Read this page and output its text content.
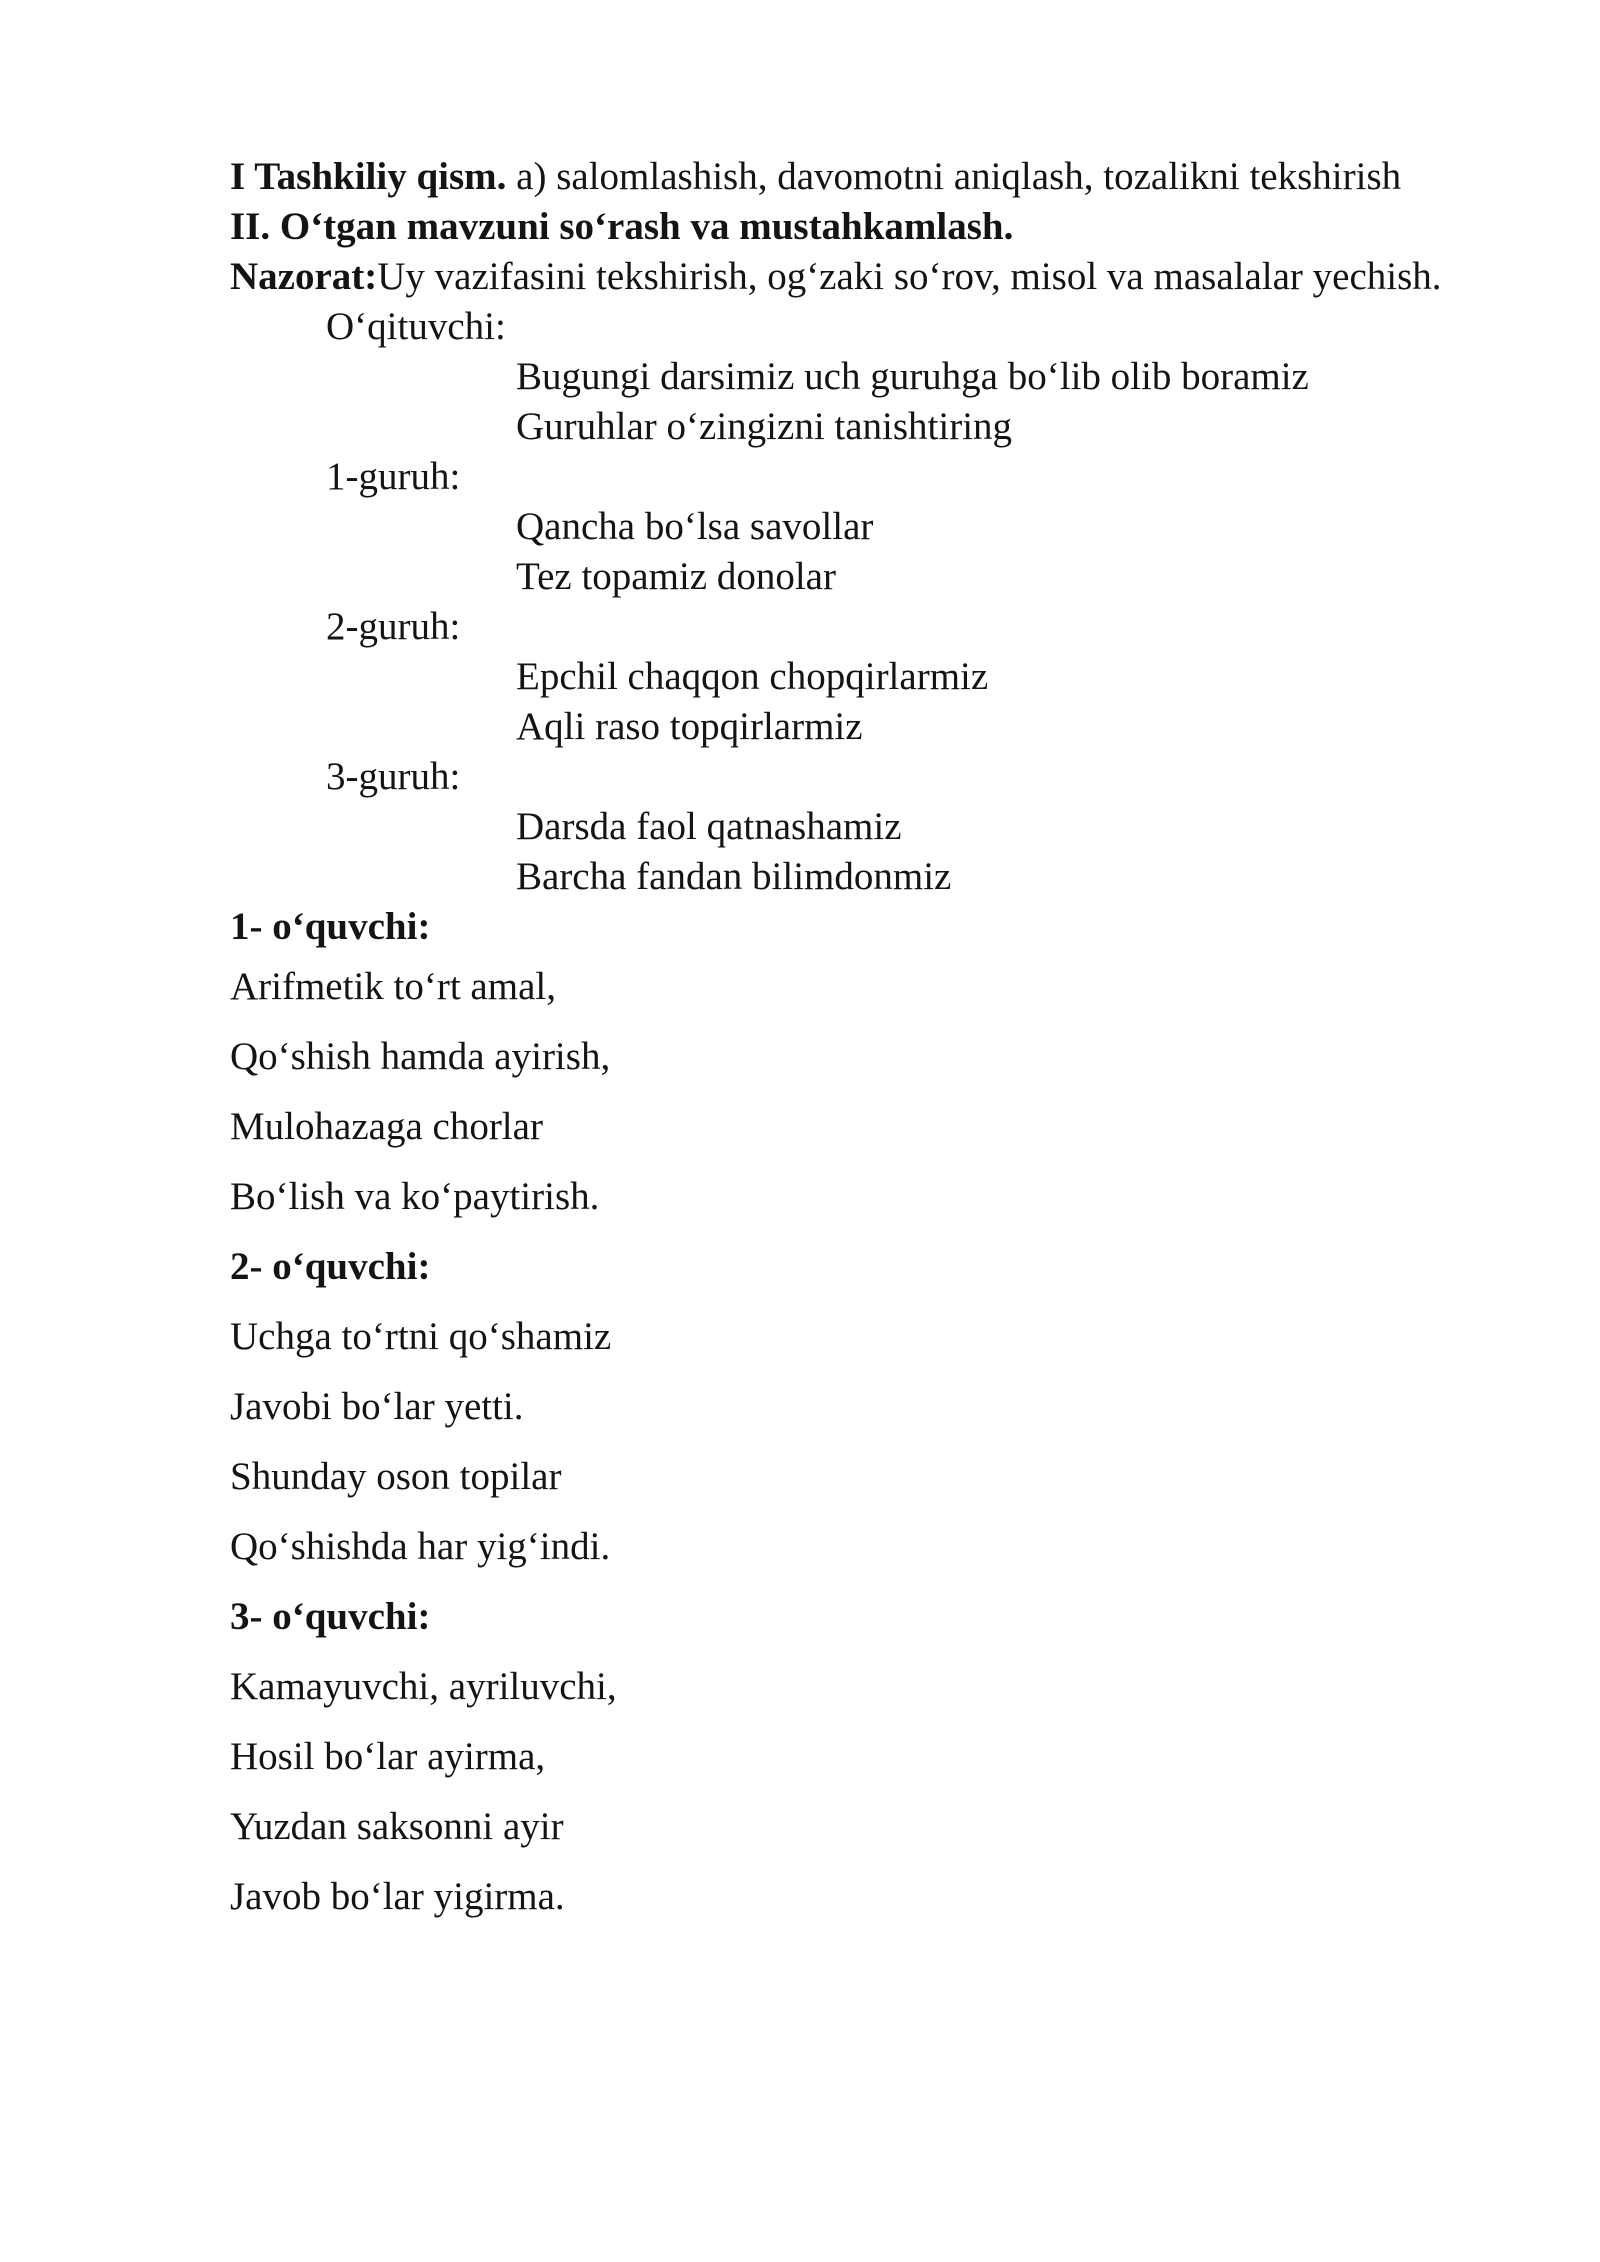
I Tashkiliy qism. a) salomlashish, davomotni aniqlash, tozalikni tekshirish
II. O‘tgan mavzuni so‘rash va mustahkamlash.
Nazorat:Uy vazifasini tekshirish, og‘zaki so‘rov, misol va masalalar yechish.
O‘qituvchi:
Bugungi darsimiz uch guruhga bo‘lib olib boramiz
Guruhlar o‘zingizni tanishtiring
1-guruh:
Qancha bo‘lsa savollar
Tez topamiz donolar
2-guruh:
Epchil chaqqon chopqirlarmiz
Aqli raso topqirlarmiz
3-guruh:
Darsda faol qatnashamiz
Barcha fandan bilimdonmiz
1- o‘quvchi:
Arifmetik to‘rt amal,
Qo‘shish hamda ayirish,
Mulohazaga chorlar
Bo‘lish va ko‘paytirish.
2- o‘quvchi:
Uchga to‘rtni qo‘shamiz
Javobi bo‘lar yetti.
Shunday oson topilar
Qo‘shishda har yig‘indi.
3- o‘quvchi:
Kamayuvchi, ayriluvchi,
Hosil bo‘lar ayirma,
Yuzdan saksonni ayir
Javob bo‘lar yigirma.
